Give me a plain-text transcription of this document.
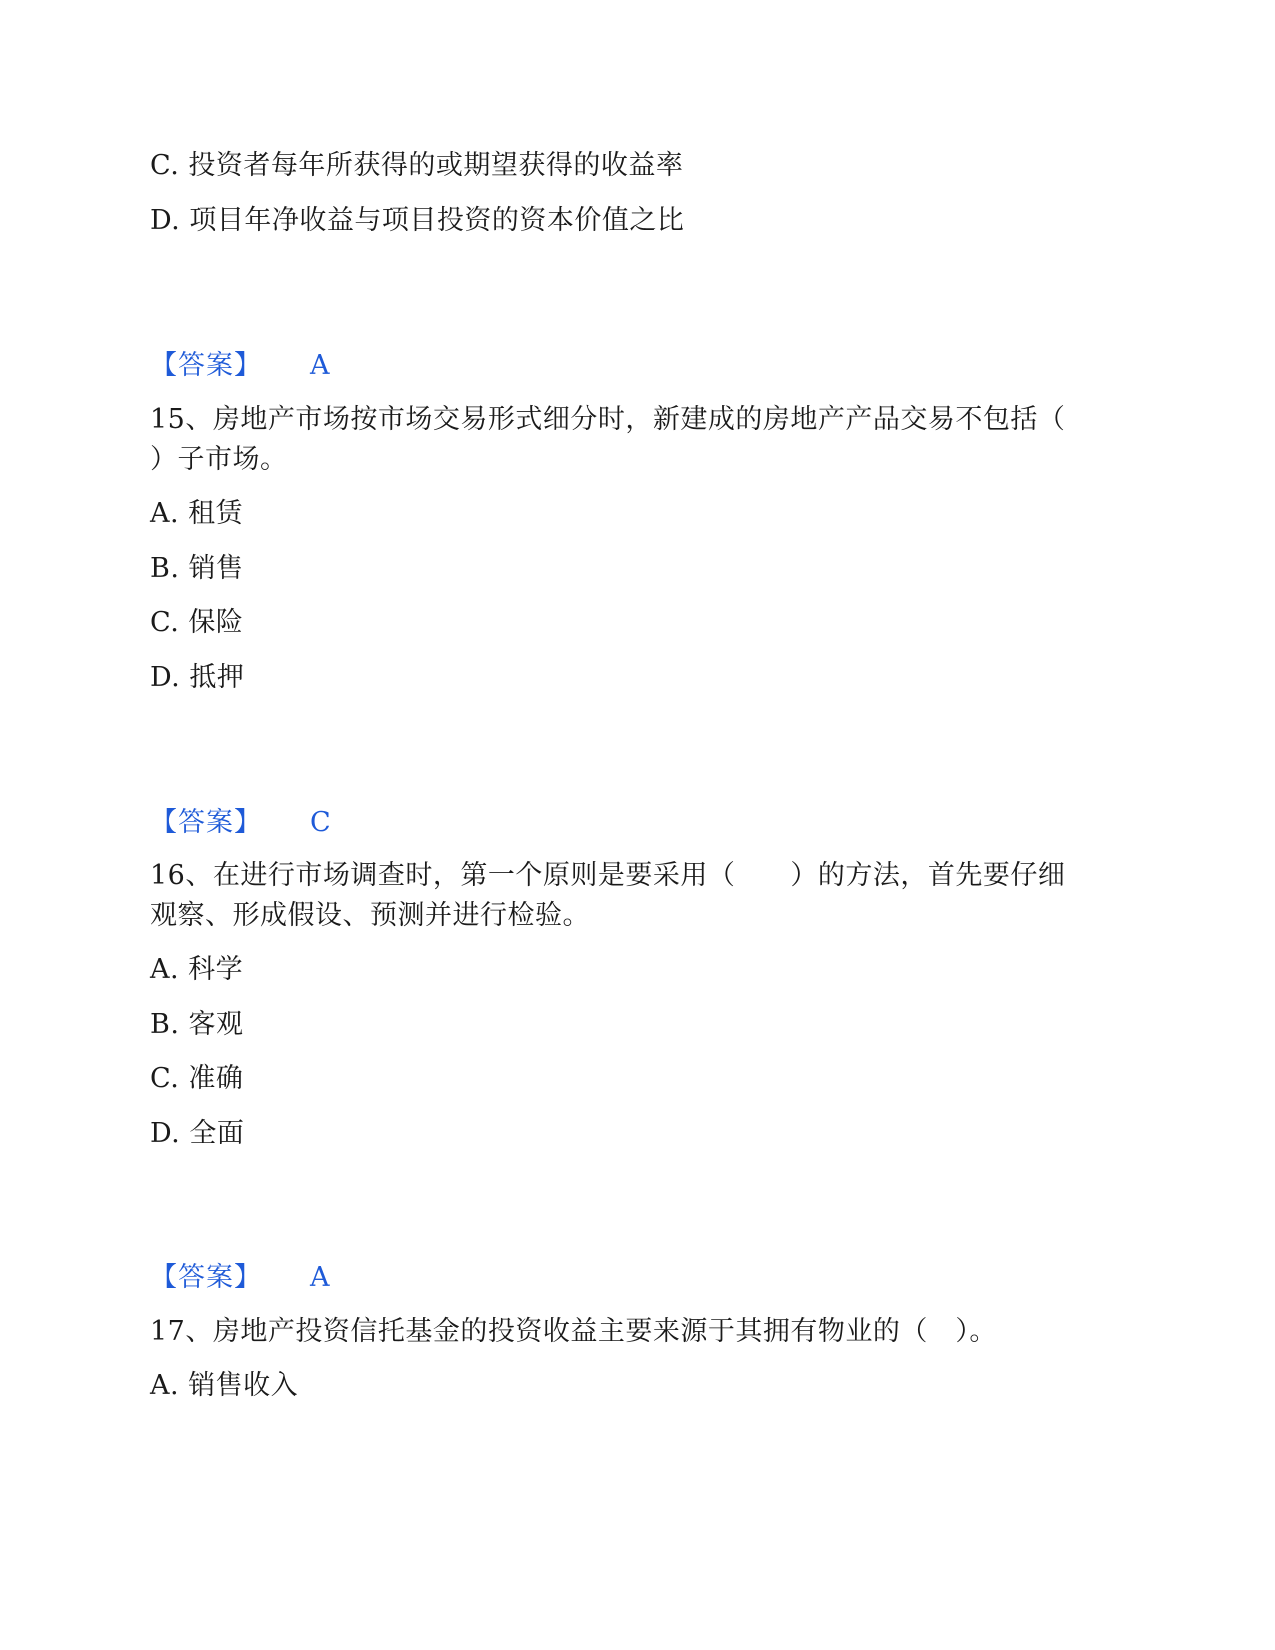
C. 投资者每年所获得的或期望获得的收益率
D. 项目年净收益与项目投资的资本价值之比
【答案】 A
15、房地产市场按市场交易形式细分时，新建成的房地产产品交易不包括（
）子市场。
A. 租赁
B. 销售
C. 保险
D. 抵押
【答案】 C
16、在进行市场调查时，第一个原则是要采用（　　）的方法，首先要仔细
观察、形成假设、预测并进行检验。
A. 科学
B. 客观
C. 准确
D. 全面
【答案】 A
17、房地产投资信托基金的投资收益主要来源于其拥有物业的（　）。
A. 销售收入
